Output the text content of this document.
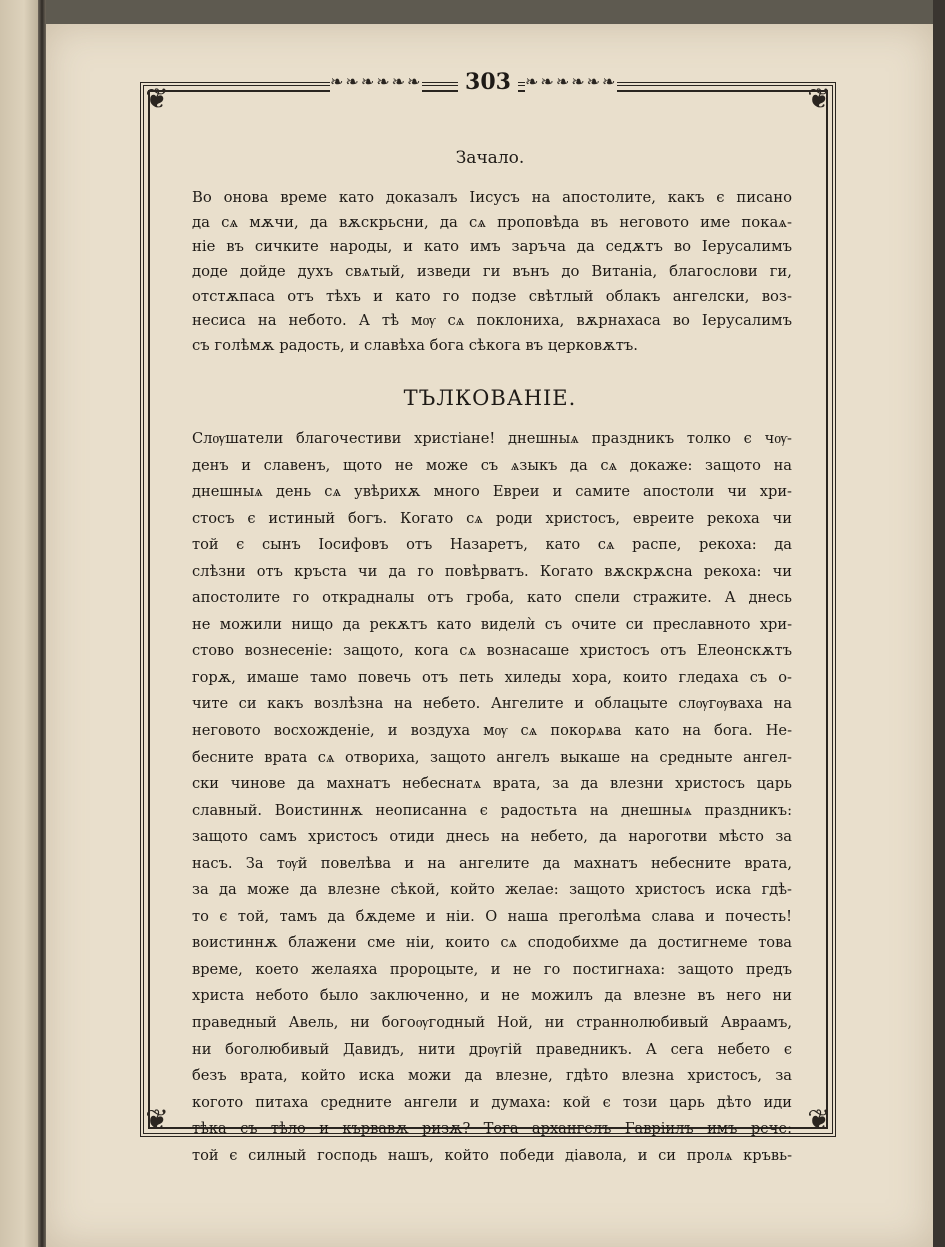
❦	❦
❦	❦
❧❧❧❧❧❧	❧❧❧❧❧❧
303
Зачало.
Во онова време като доказалъ Іисусъ на апостолите, какъ є писано
да сѧ мѫчи, да вѫскрьсни, да сѧ проповѣда въ неговото име покаѧ-
ніе въ сичките народы, и като имъ заръча да седѫтъ во Іерусалимъ
доде дойде духъ свѧтый, изведи ги вънъ до Витаніа, благослови ги,
отстѫпаса отъ тѣхъ и като го подзе свѣтлый облакъ ангелски, воз-
несиса на небото. А тѣ мѹ сѧ поклониха, вѫрнахаса во Іерусалимъ
съ голѣмѫ радость, и славѣха бога сѣкога въ церковѫтъ.
ТЪЛКОВАНІЕ.
Слѹшатели благочестиви христіане! днешныѧ праздникъ толко є чѹ-
денъ и славенъ, щото не може съ ѧзыкъ да сѧ докаже: защото на
днешныѧ день сѧ увѣрихѫ много Евреи и самите апостоли чи хри-
стосъ є истиный богъ. Когато сѧ роди христосъ, евреите рекоха чи
той є сынъ Іосифовъ отъ Назаретъ, като сѧ распе, рекоха: да
слѣзни отъ кръста чи да го повѣрватъ. Когато вѫскрѫсна рекоха: чи
апостолите го открадналы отъ гроба, като спели стражите. А днесь
не можили нищо да рекѫтъ като виделѝ съ очите си преславното хри-
стово вознесеніе: защото, кога сѧ вознасаше христосъ отъ Елеонскѫтъ
горѫ, имаше тамо повечь отъ петь хиледы хора, които гледаха съ о-
чите си какъ возлѣзна на небето. Ангелите и облацыте слѹгѹваха на
неговото восхожденіе, и воздуха мѹ сѧ покорѧва като на бога. Не-
бесните врата сѧ отвориха, защото ангелъ выкаше на средныте ангел-
ски чинове да махнатъ небеснатѧ врата, за да влезни христосъ царь
славный. Воистиннѫ неописанна є радостьта на днешныѧ праздникъ:
защото самъ христосъ отиди днесь на небето, да нароготви мѣсто за
насъ. За тѹй повелѣва и на ангелите да махнатъ небесните врата,
за да може да влезне сѣкой, който желае: защото христосъ иска гдѣ-
то є той, тамъ да бѫдеме и ніи. О наша преголѣма слава и почесть!
воистиннѫ блажени сме ніи, които сѧ сподобихме да достигнеме това
време, което желаяха пророцыте, и не го постигнаха: защото предъ
христа небото было заключенно, и не можилъ да влезне въ него ни
праведный Авель, ни богоѹгодный Ной, ни страннолюбивый Авраамъ,
ни боголюбивый Давидъ, нити дрѹгій праведникъ. А сега небето є
безъ врата, който иска можи да влезне, гдѣто влезна христосъ, за
когото питаха средните ангели и думаха: кой є този царь дѣто иди
тѣка съ тѣло и кървавѫ ризѫ? Тога архангелъ Гавріилъ имъ рече:
той є силный господь нашъ, който победи діавола, и си пролѧ кръвь-
